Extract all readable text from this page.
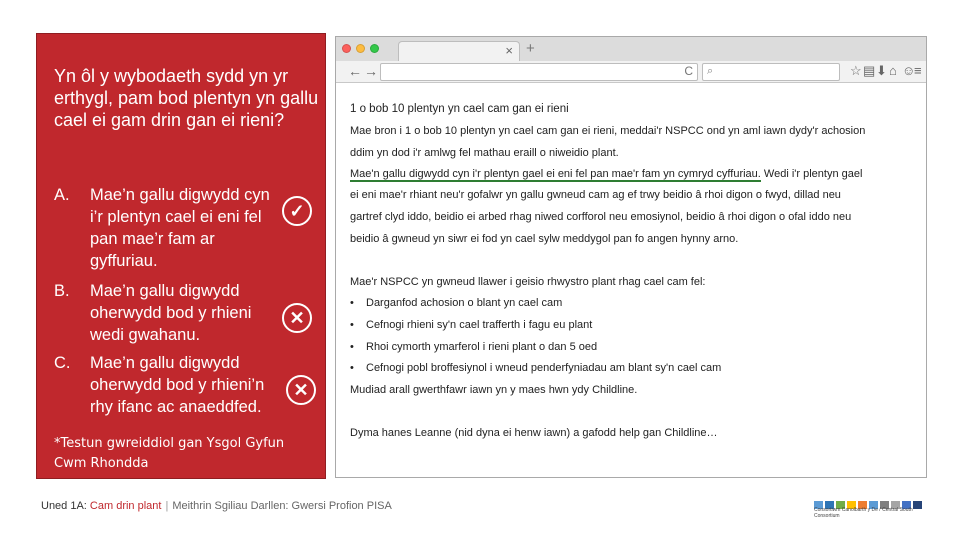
Yn ôl y wybodaeth sydd yn yr erthygl, pam bod plentyn yn gallu cael ei gam drin gan ei rieni?
A. Mae’n gallu digwydd cyn i’r plentyn cael ei eni fel pan mae’r fam ar gyffuriau.
✓
B. Mae’n gallu digwydd oherwydd bod y rhieni wedi gwahanu.
✕
C. Mae’n gallu digwydd oherwydd bod y rhieni’n rhy ifanc ac anaeddfed.
✕
*Testun gwreiddiol gan Ysgol Gyfun Cwm Rhondda
× +
← →	C ⌕	☆ ▤ ⬇ ⌂ ☺
≡
1 o bob 10 plentyn yn cael cam gan ei rieni
Mae bron i 1 o bob 10 plentyn yn cael cam gan ei rieni, meddai'r NSPCC ond yn aml iawn dydy'r achosion
ddim yn dod i'r amlwg fel mathau eraill o niweidio plant.
Mae'n gallu digwydd cyn i'r plentyn gael ei eni fel pan mae'r fam yn cymryd cyffuriau. Wedi i'r plentyn gael
ei eni mae'r rhiant neu'r gofalwr yn gallu gwneud cam ag ef trwy beidio â rhoi digon o fwyd, dillad neu
gartref clyd iddo, beidio ei arbed rhag niwed corfforol neu emosiynol, beidio â rhoi digon o ofal iddo neu
beidio â gwneud yn siwr ei fod yn cael sylw meddygol pan fo angen hynny arno.
Mae'r NSPCC yn gwneud llawer i geisio rhwystro plant rhag cael cam fel:
• Darganfod achosion o blant yn cael cam
• Cefnogi rhieni sy'n cael trafferth i fagu eu plant
• Rhoi cymorth ymarferol i rieni plant o dan 5 oed
• Cefnogi pobl broffesiynol i wneud penderfyniadau am blant sy'n cael cam
Mudiad arall gwerthfawr iawn yn y maes hwn ydy Childline.
Dyma hanes Leanne (nid dyna ei henw iawn) a gafodd help gan Childline…
Uned 1A: Cam drin plant | Meithrin Sgiliau Darllen: Gwersi Profion PISA	Consortiwm Canolbarth y De / Central South Consortium
